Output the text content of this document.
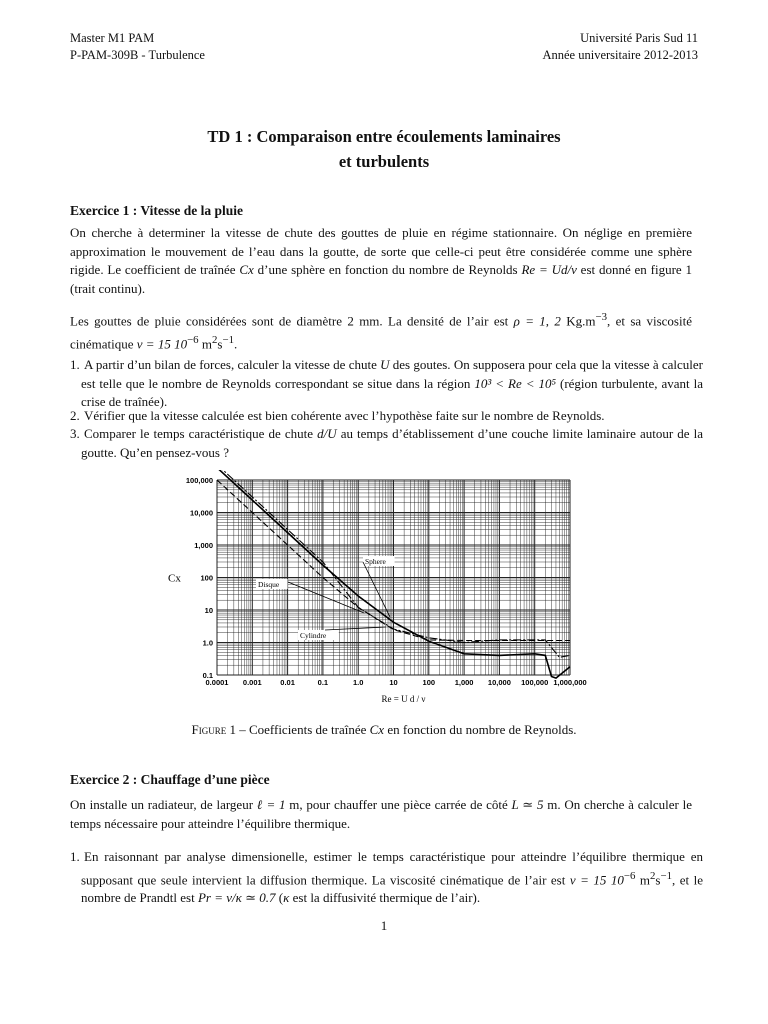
Master M1 PAM
P-PAM-309B - Turbulence
Université Paris Sud 11
Année universitaire 2012-2013
TD 1 : Comparaison entre écoulements laminaires
et turbulents
Exercice 1 : Vitesse de la pluie
On cherche à determiner la vitesse de chute des gouttes de pluie en régime stationnaire. On néglige en première approximation le mouvement de l’eau dans la goutte, de sorte que celle-ci peut être considérée comme une sphère rigide. Le coefficient de traînée Cx d’une sphère en fonction du nombre de Reynolds Re = Ud/ν est donné en figure 1 (trait continu).
Les gouttes de pluie considérées sont de diamètre 2 mm. La densité de l’air est ρ = 1, 2 $Kg.m^{-3}$, et sa viscosité cinématique ν = 15 $10^{-6}$ $m^2s^{-1}$.
1. A partir d’un bilan de forces, calculer la vitesse de chute U des goutes. On supposera pour cela que la vitesse à calculer est telle que le nombre de Reynolds correspondant se situe dans la région 10³ < Re < 10⁵ (région turbulente, avant la crise de traînée).
2. Vérifier que la vitesse calculée est bien cohérente avec l’hypothèse faite sur le nombre de Reynolds.
3. Comparer le temps caractéristique de chute d/U au temps d’établissement d’une couche limite laminaire autour de la goutte. Qu’en pensez-vous ?
0.0001 0.001 0.01	0.1	1.0	10	100	1,000 10,000 100,000 1,000,000
0.1
1.0
10
100
1,000
10,000
100,000
Cx
Re = U d / ν
Sphere
Disque
Cylindre
Figure 1 – Coefficients de traînée Cx en fonction du nombre de Reynolds.
Exercice 2 : Chauffage d’une pièce
On installe un radiateur, de largeur ℓ = 1 m, pour chauffer une pièce carrée de côté L ≃ 5 m. On cherche à calculer le temps nécessaire pour atteindre l’équilibre thermique.
1. En raisonnant par analyse dimensionelle, estimer le temps caractéristique pour atteindre l’équilibre thermique en supposant que seule intervient la diffusion thermique. La viscosité cinématique de l’air est ν = 15 $10^{-6}$ $m^2s^{-1}$, et le nombre de Prandtl est Pr = ν/κ ≃ 0.7 (κ est la diffusivité thermique de l’air).
1
